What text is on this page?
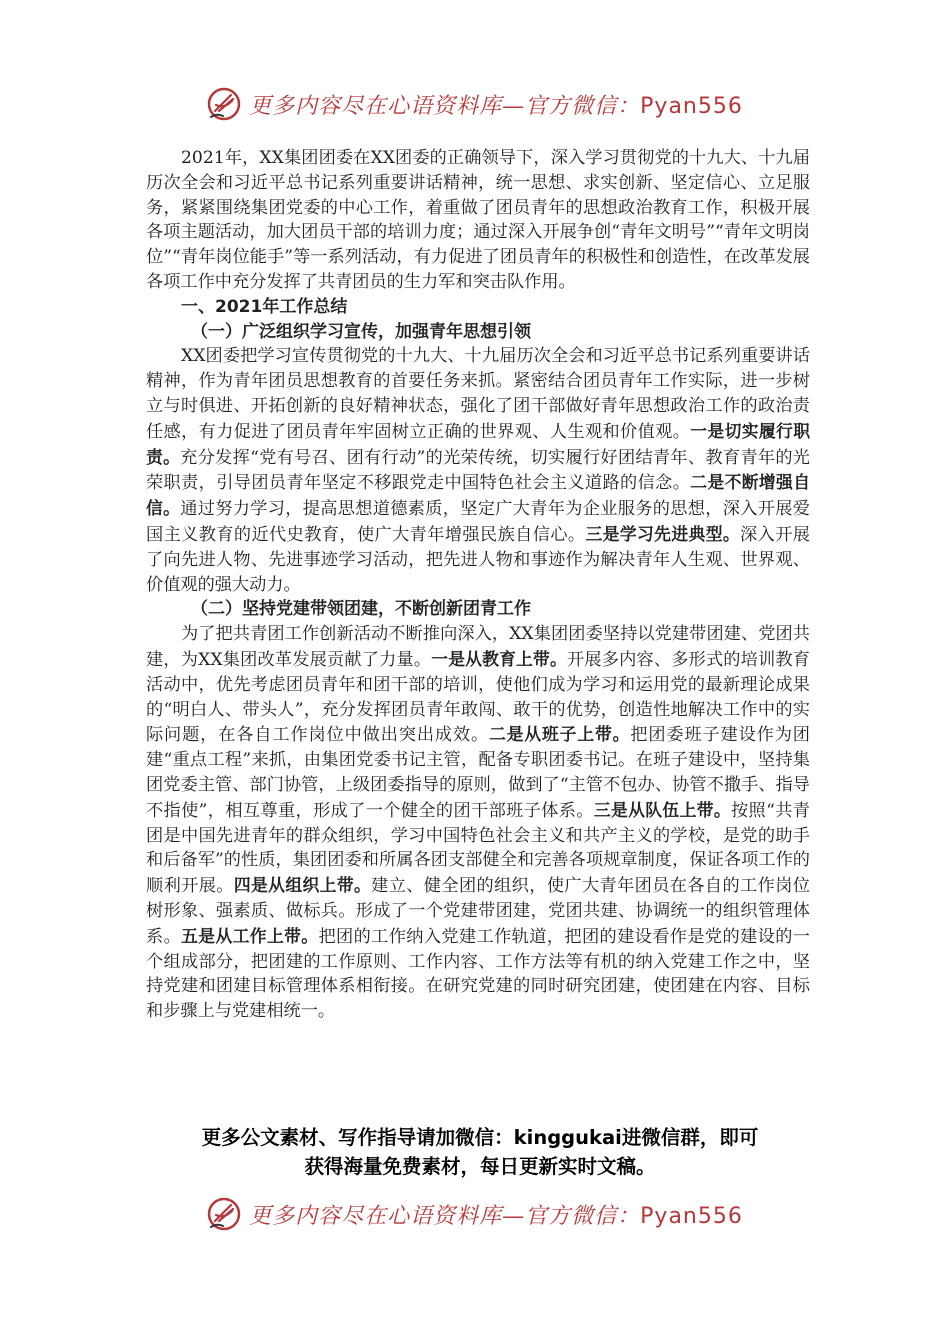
更多内容尽在心语资料库—官方微信：Pyan556

2021年，XX集团团委在XX团委的正确领导下，深入学习贯彻党的十九大、十九届历次全会和习近平总书记系列重要讲话精神，统一思想、求实创新、坚定信心、立足服务，紧紧围绕集团党委的中心工作，着重做了团员青年的思想政治教育工作，积极开展各项主题活动，加大团员干部的培训力度；通过深入开展争创“青年文明号”“青年文明岗位”“青年岗位能手”等一系列活动，有力促进了团员青年的积极性和创造性，在改革发展各项工作中充分发挥了共青团员的生力军和突击队作用。

一、2021年工作总结

（一）广泛组织学习宣传，加强青年思想引领

XX团委把学习宣传贯彻党的十九大、十九届历次全会和习近平总书记系列重要讲话精神，作为青年团员思想教育的首要任务来抓。紧密结合团员青年工作实际，进一步树立与时俱进、开拓创新的良好精神状态，强化了团干部做好青年思想政治工作的政治责任感，有力促进了团员青年牢固树立正确的世界观、人生观和价值观。一是切实履行职责。充分发挥“党有号召、团有行动”的光荣传统，切实履行好团结青年、教育青年的光荣职责，引导团员青年坚定不移跟党走中国特色社会主义道路的信念。二是不断增强自信。通过努力学习，提高思想道德素质，坚定广大青年为企业服务的思想，深入开展爱国主义教育的近代史教育，使广大青年增强民族自信心。三是学习先进典型。深入开展了向先进人物、先进事迹学习活动，把先进人物和事迹作为解决青年人生观、世界观、价值观的强大动力。

（二）坚持党建带领团建，不断创新团青工作

为了把共青团工作创新活动不断推向深入，XX集团团委坚持以党建带团建、党团共建，为XX集团改革发展贡献了力量。一是从教育上带。开展多内容、多形式的培训教育活动中，优先考虑团员青年和团干部的培训，使他们成为学习和运用党的最新理论成果的“明白人、带头人”，充分发挥团员青年敢闯、敢干的优势，创造性地解决工作中的实际问题，在各自工作岗位中做出突出成效。二是从班子上带。把团委班子建设作为团建“重点工程”来抓，由集团党委书记主管，配备专职团委书记。在班子建设中，坚持集团党委主管、部门协管，上级团委指导的原则，做到了“主管不包办、协管不撒手、指导不指使”，相互尊重，形成了一个健全的团干部班子体系。三是从队伍上带。按照“共青团是中国先进青年的群众组织，学习中国特色社会主义和共产主义的学校，是党的助手和后备军”的性质，集团团委和所属各团支部健全和完善各项规章制度，保证各项工作的顺利开展。四是从组织上带。建立、健全团的组织，使广大青年团员在各自的工作岗位树形象、强素质、做标兵。形成了一个党建带团建，党团共建、协调统一的组织管理体系。五是从工作上带。把团的工作纳入党建工作轨道，把团的建设看作是党的建设的一个组成部分，把团建的工作原则、工作内容、工作方法等有机的纳入党建工作之中，坚持党建和团建目标管理体系相衔接。在研究党建的同时研究团建，使团建在内容、目标和步骤上与党建相统一。

更多公文素材、写作指导请加微信：kinggukai进微信群，即可
获得海量免费素材，每日更新实时文稿。
更多内容尽在心语资料库—官方微信：Pyan556
